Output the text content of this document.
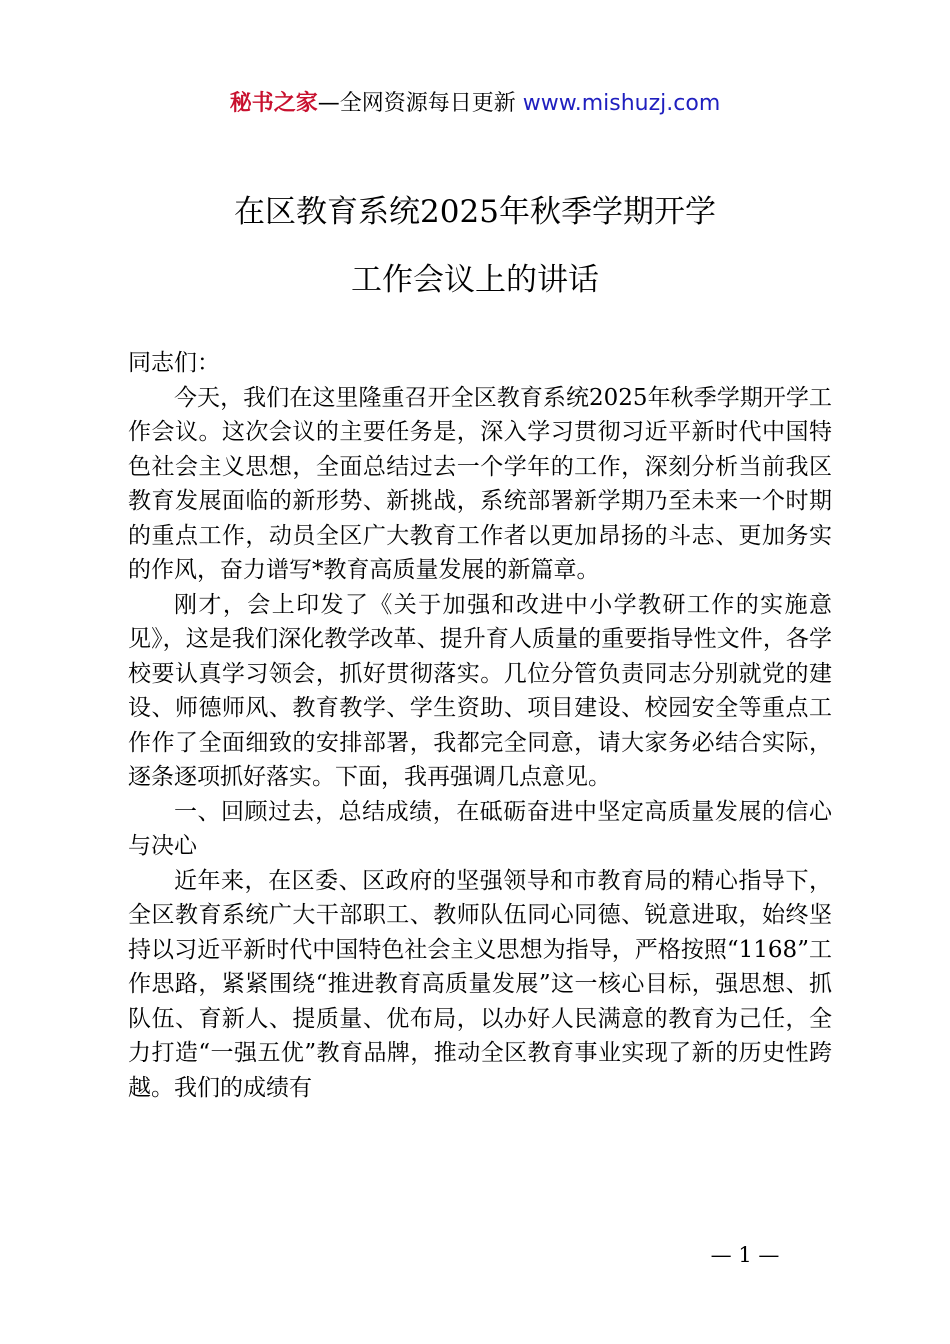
秘书之家—全网资源每日更新 www.mishuzj.com
在区教育系统2025年秋季学期开学
工作会议上的讲话

同志们：

今天，我们在这里隆重召开全区教育系统2025年秋季学期开学工作会议。这次会议的主要任务是，深入学习贯彻习近平新时代中国特色社会主义思想，全面总结过去一个学年的工作，深刻分析当前我区教育发展面临的新形势、新挑战，系统部署新学期乃至未来一个时期的重点工作，动员全区广大教育工作者以更加昂扬的斗志、更加务实的作风，奋力谱写*教育高质量发展的新篇章。

刚才，会上印发了《关于加强和改进中小学教研工作的实施意见》，这是我们深化教学改革、提升育人质量的重要指导性文件，各学校要认真学习领会，抓好贯彻落实。几位分管负责同志分别就党的建设、师德师风、教育教学、学生资助、项目建设、校园安全等重点工作作了全面细致的安排部署，我都完全同意，请大家务必结合实际，逐条逐项抓好落实。下面，我再强调几点意见。

一、回顾过去，总结成绩，在砥砺奋进中坚定高质量发展的信心与决心

近年来，在区委、区政府的坚强领导和市教育局的精心指导下，全区教育系统广大干部职工、教师队伍同心同德、锐意进取，始终坚持以习近平新时代中国特色社会主义思想为指导，严格按照“1168”工作思路，紧紧围绕“推进教育高质量发展”这一核心目标，强思想、抓队伍、育新人、提质量、优布局，以办好人民满意的教育为己任，全力打造“一强五优”教育品牌，推动全区教育事业实现了新的历史性跨越。我们的成绩有

— 1 —
